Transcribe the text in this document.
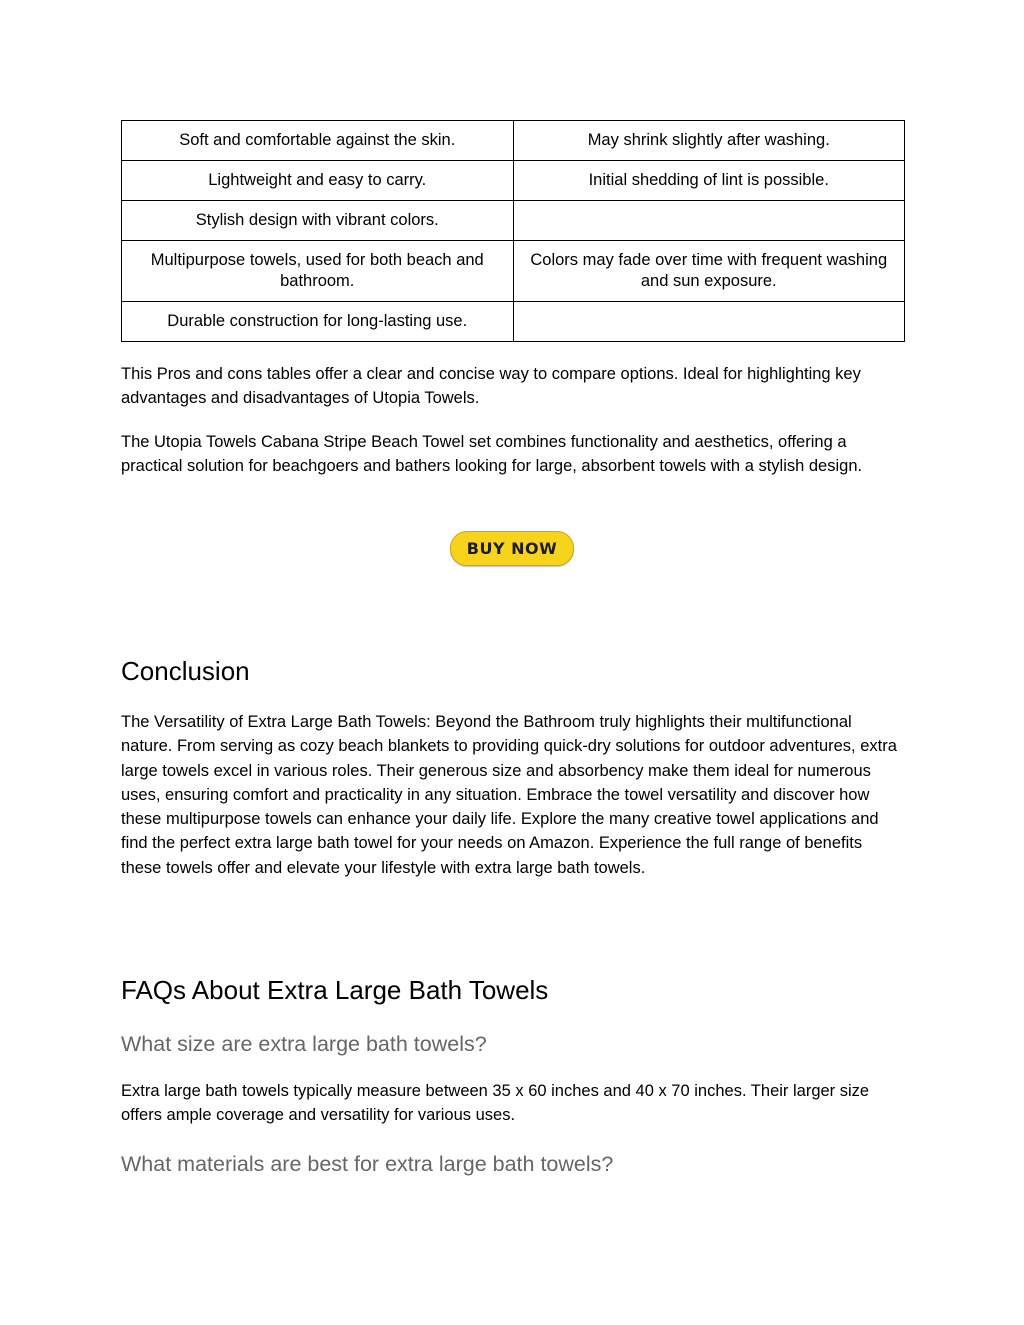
Soft and comfortable against the skin.	May shrink slightly after washing.
Lightweight and easy to carry.	Initial shedding of lint is possible.
Stylish design with vibrant colors.	
Multipurpose towels, used for both beach and bathroom.	Colors may fade over time with frequent washing and sun exposure.
Durable construction for long-lasting use.	

This Pros and cons tables offer a clear and concise way to compare options. Ideal for highlighting key advantages and disadvantages of Utopia Towels.

The Utopia Towels Cabana Stripe Beach Towel set combines functionality and aesthetics, offering a practical solution for beachgoers and bathers looking for large, absorbent towels with a stylish design.

BUY NOW
Conclusion

The Versatility of Extra Large Bath Towels: Beyond the Bathroom truly highlights their multifunctional nature. From serving as cozy beach blankets to providing quick-dry solutions for outdoor adventures, extra large towels excel in various roles. Their generous size and absorbency make them ideal for numerous uses, ensuring comfort and practicality in any situation. Embrace the towel versatility and discover how these multipurpose towels can enhance your daily life. Explore the many creative towel applications and find the perfect extra large bath towel for your needs on Amazon. Experience the full range of benefits these towels offer and elevate your lifestyle with extra large bath towels.

FAQs About Extra Large Bath Towels
What size are extra large bath towels?

Extra large bath towels typically measure between 35 x 60 inches and 40 x 70 inches. Their larger size offers ample coverage and versatility for various uses.

What materials are best for extra large bath towels?
